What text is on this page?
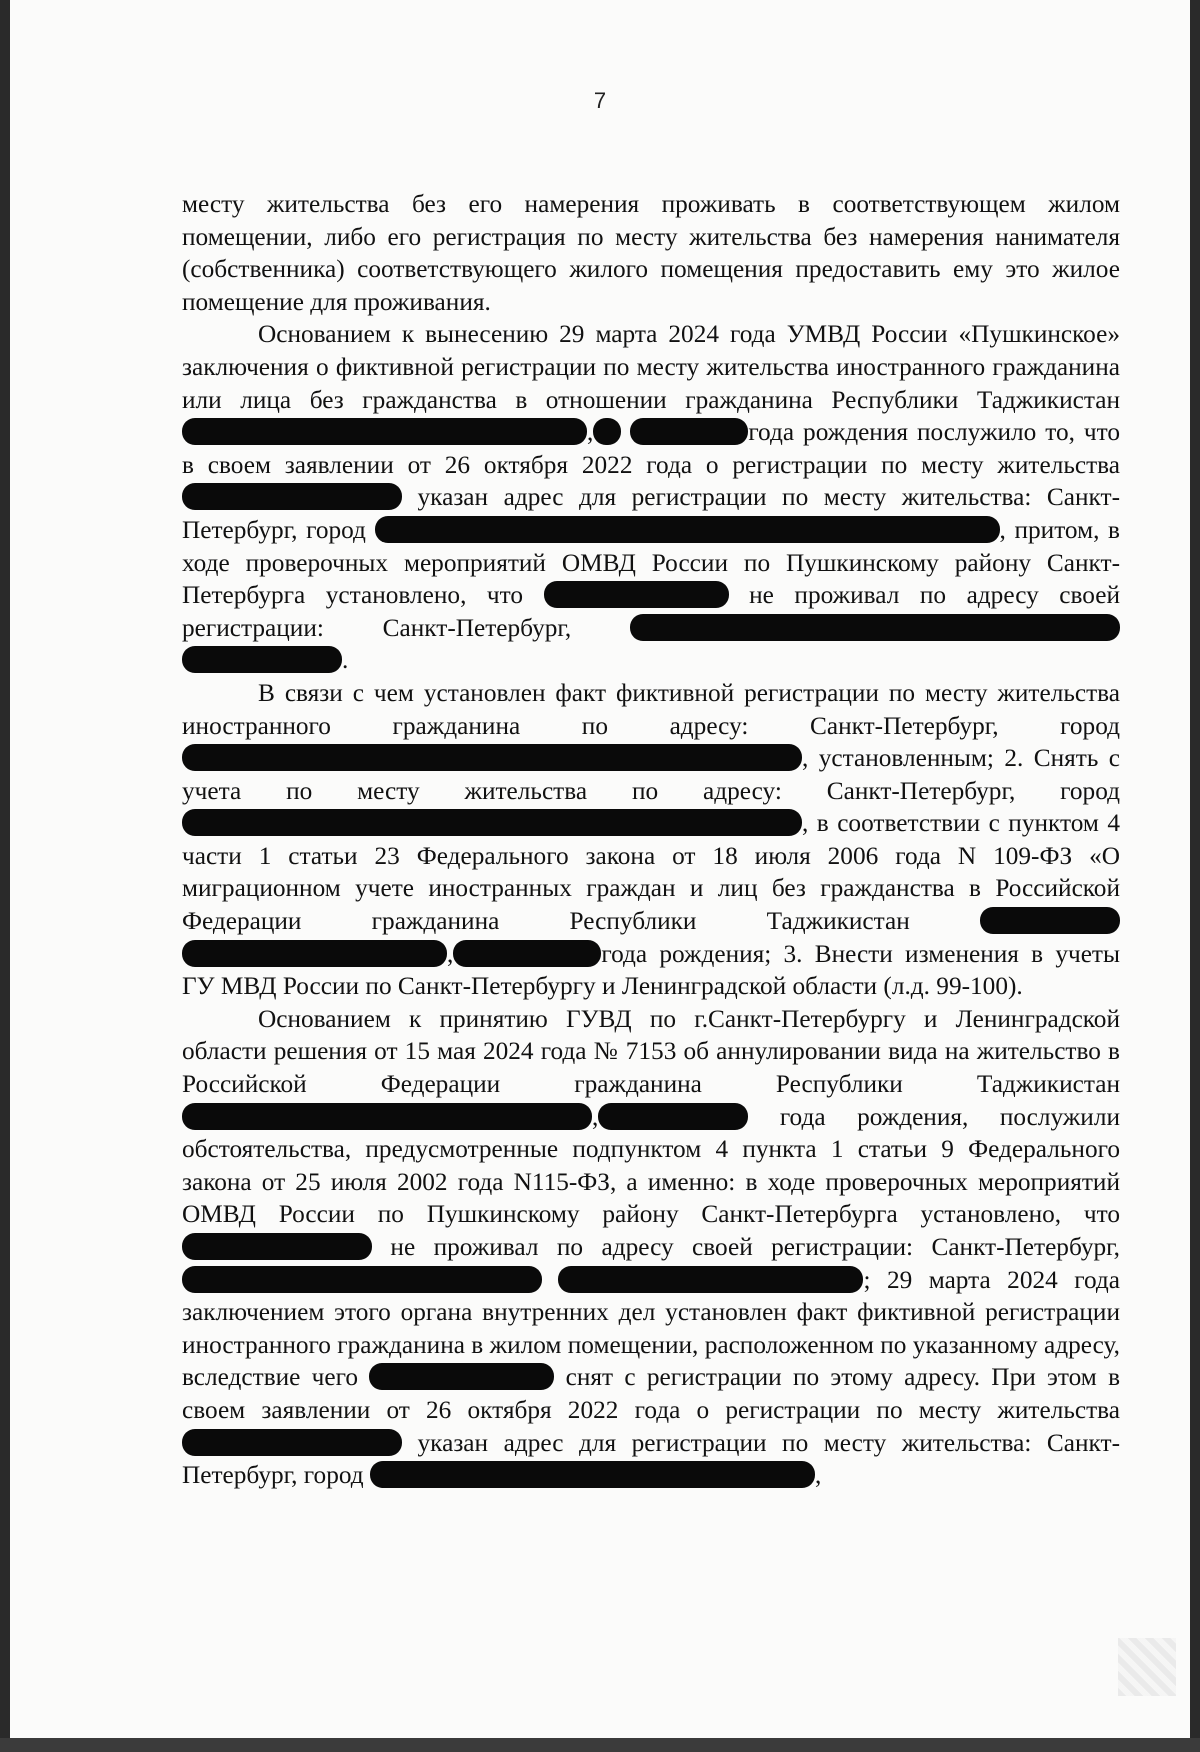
7

месту жительства без его намерения проживать в соответствующем жилом помещении, либо его регистрация по месту жительства без намерения нанимателя (собственника) соответствующего жилого помещения предоставить ему это жилое помещение для проживания.

Основанием к вынесению 29 марта 2024 года УМВД России «Пушкинское» заключения о фиктивной регистрации по месту жительства иностранного гражданина или лица без гражданства в отношении гражданина Республики Таджикистан ,	года рождения послужило то, что в своем заявлении от 26 октября 2022 года о регистрации по месту жительства  указан адрес для регистрации по месту жительства: Санкт-Петербург, город	, притом, в ходе проверочных мероприятий ОМВД России по Пушкинскому району Санкт-Петербурга установлено, что	не проживал по адресу своей регистрации: Санкт-Петербург,  .

В связи с чем установлен факт фиктивной регистрации по месту жительства иностранного гражданина по адресу: Санкт-Петербург, город , установленным; 2. Снять с учета по месту жительства по адресу: Санкт-Петербург, город , в соответствии с пунктом 4 части 1 статьи 23 Федерального закона от 18 июля 2006 года N 109-ФЗ «О миграционном учете иностранных граждан и лиц без гражданства в Российской Федерации гражданина Республики Таджикистан  ,	года рождения; 3. Внести изменения в учеты ГУ МВД России по Санкт-Петербургу и Ленинградской области (л.д. 99-100).

Основанием к принятию ГУВД по г.Санкт-Петербургу и Ленинградской области решения от 15 мая 2024 года № 7153 об аннулировании вида на жительство в Российской Федерации гражданина Республики Таджикистан ,	года рождения, послужили обстоятельства, предусмотренные подпунктом 4 пункта 1 статьи 9 Федерального закона от 25 июля 2002 года N115-ФЗ, а именно: в ходе проверочных мероприятий ОМВД России по Пушкинскому району Санкт-Петербурга установлено, что  не проживал по адресу своей регистрации: Санкт-Петербург,  ; 29 марта 2024 года заключением этого органа внутренних дел установлен факт фиктивной регистрации иностранного гражданина в жилом помещении, расположенном по указанному адресу, вследствие чего	снят с регистрации по этому адресу. При этом в своем заявлении от 26 октября 2022 года о регистрации по месту жительства  указан адрес для регистрации по месту жительства: Санкт-Петербург, город	,
